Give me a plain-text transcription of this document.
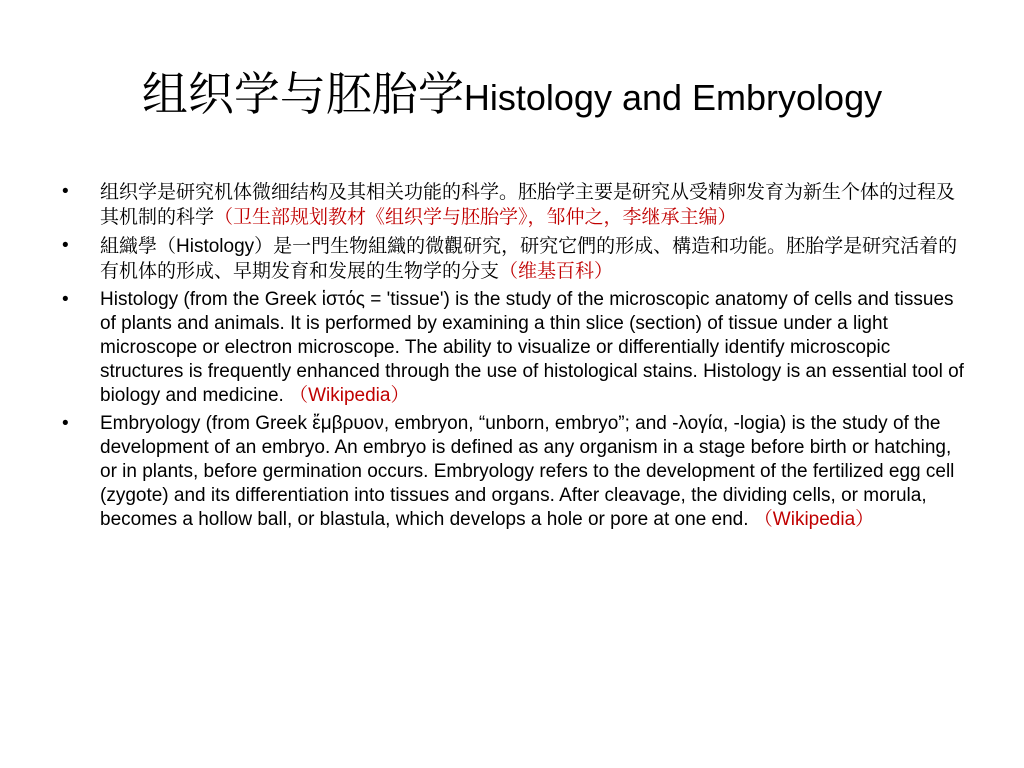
组织学与胚胎学Histology and Embryology
• 组织学是研究机体微细结构及其相关功能的科学。胚胎学主要是研究从受精卵发育为新生个体的过程及其机制的科学（卫生部规划教材《组织学与胚胎学》，邹仲之，李继承主编）
• 組織學（Histology）是一門生物組織的微觀研究，研究它們的形成、構造和功能。胚胎学是研究活着的有机体的形成、早期发育和发展的生物学的分支（维基百科）
• Histology (from the Greek ἱστός = 'tissue') is the study of the microscopic anatomy of cells and tissues of plants and animals. It is performed by examining a thin slice (section) of tissue under a light microscope or electron microscope. The ability to visualize or differentially identify microscopic structures is frequently enhanced through the use of histological stains. Histology is an essential tool of biology and medicine. （Wikipedia）
• Embryology (from Greek ἔμβρυον, embryon, “unborn, embryo”; and -λογία, -logia) is the study of the development of an embryo. An embryo is defined as any organism in a stage before birth or hatching, or in plants, before germination occurs. Embryology refers to the development of the fertilized egg cell (zygote) and its differentiation into tissues and organs. After cleavage, the dividing cells, or morula, becomes a hollow ball, or blastula, which develops a hole or pore at one end. （Wikipedia）
